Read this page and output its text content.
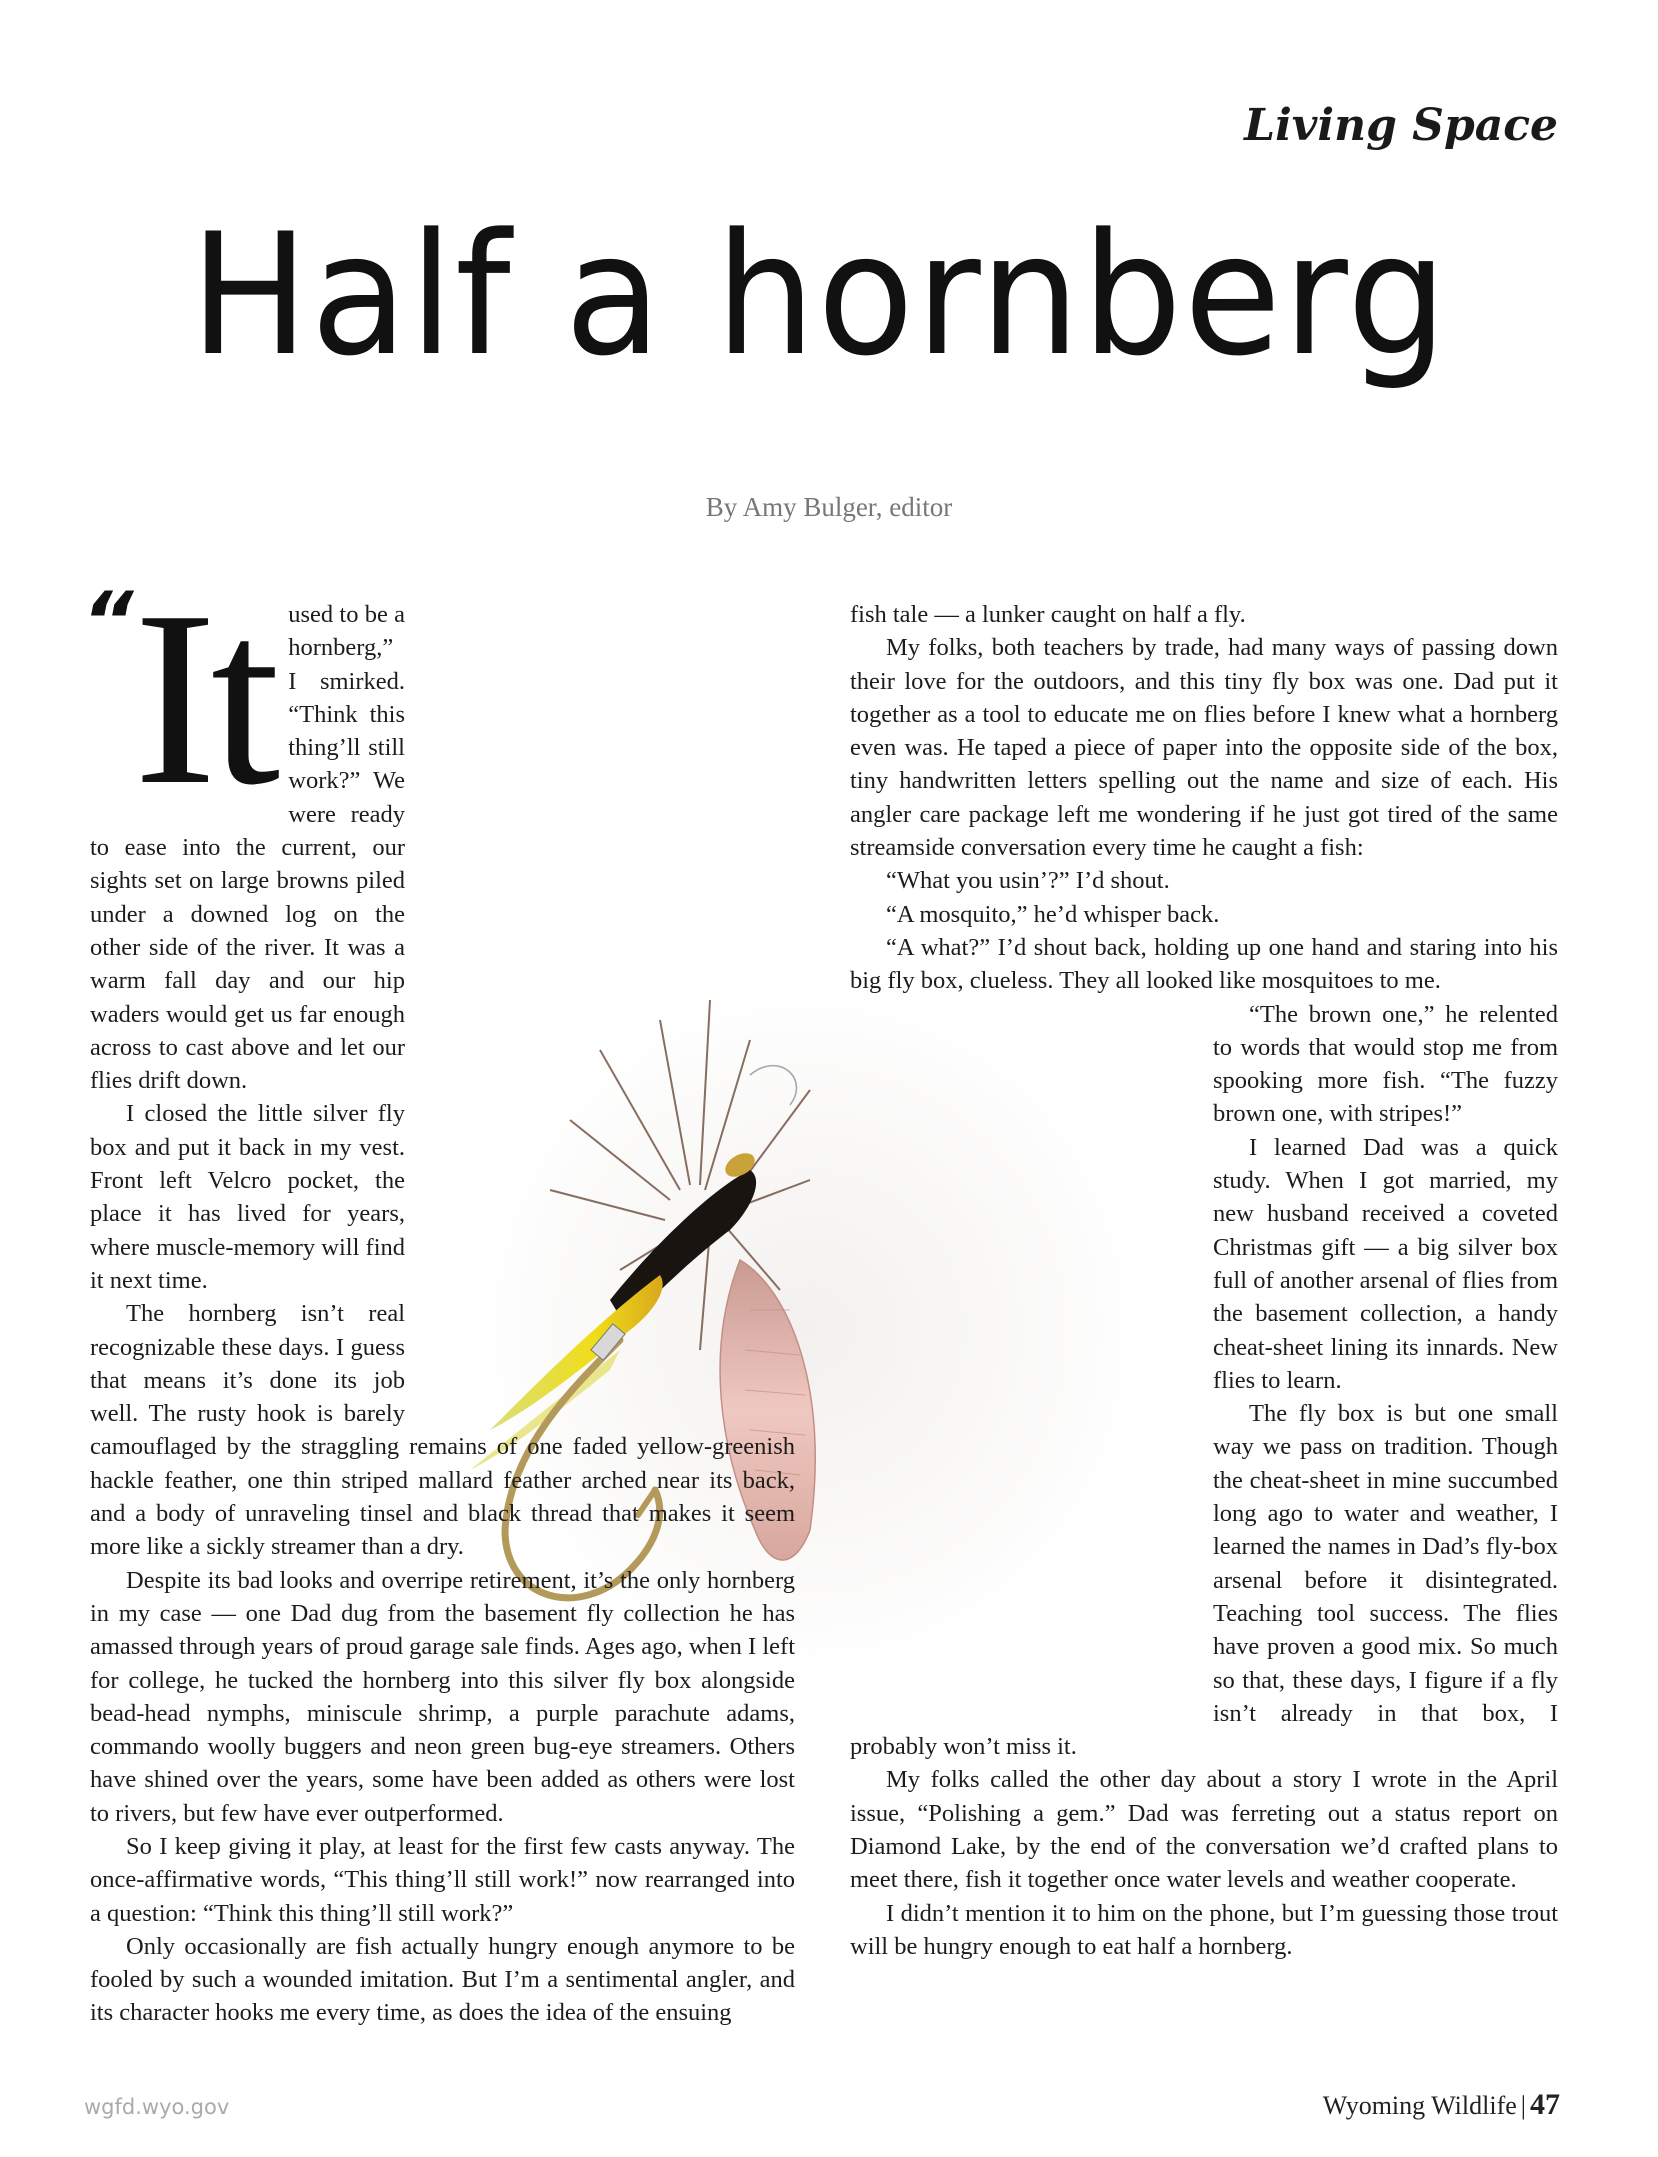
Living Space
Half a hornberg
By Amy Bulger, editor

“ It used to be a hornberg,” I smirked. “Think this thing’ll still work?” We were ready to ease into the current, our sights set on large browns piled under a downed log on the other side of the river. It was a warm fall day and our hip waders would get us far enough across to cast above and let our flies drift down.

I closed the little silver fly box and put it back in my vest. Front left Velcro pocket, the place it has lived for years, where muscle-memory will find it next time.

The hornberg isn’t real recognizable these days. I guess that means it’s done its job well. The rusty hook is barely camouflaged by the straggling remains of one faded yellow-greenish hackle feather, one thin striped mallard feather arched near its back, and a body of unraveling tinsel and black thread that makes it seem more like a sickly streamer than a dry.

Despite its bad looks and overripe retirement, it’s the only hornberg in my case — one Dad dug from the basement fly collection he has amassed through years of proud garage sale finds. Ages ago, when I left for college, he tucked the hornberg into this silver fly box alongside bead-head nymphs, miniscule shrimp, a purple parachute adams, commando woolly buggers and neon green bug-eye streamers. Others have shined over the years, some have been added as others were lost to rivers, but few have ever outperformed.

So I keep giving it play, at least for the first few casts anyway. The once-affirmative words, “This thing’ll still work!” now rearranged into a question: “Think this thing’ll still work?”

Only occasionally are fish actually hungry enough anymore to be fooled by such a wounded imitation. But I’m a sentimental angler, and its character hooks me every time, as does the idea of the ensuing

fish tale — a lunker caught on half a fly.

My folks, both teachers by trade, had many ways of passing down their love for the outdoors, and this tiny fly box was one. Dad put it together as a tool to educate me on flies before I knew what a hornberg even was. He taped a piece of paper into the opposite side of the box, tiny handwritten letters spelling out the name and size of each. His angler care package left me wondering if he just got tired of the same streamside conversation every time he caught a fish:

“What you usin’?” I’d shout.

“A mosquito,” he’d whisper back.

“A what?” I’d shout back, holding up one hand and staring into his big fly box, clueless. They all looked like mosquitoes to me.

“The brown one,” he relented to words that would stop me from spooking more fish. “The fuzzy brown one, with stripes!”

I learned Dad was a quick study. When I got married, my new husband received a coveted Christmas gift — a big silver box full of another arsenal of flies from the basement collection, a handy cheat-sheet lining its innards. New flies to learn.

The fly box is but one small way we pass on tradition. Though the cheat-sheet in mine succumbed long ago to water and weather, I learned the names in Dad’s fly-box arsenal before it disintegrated. Teaching tool success. The flies have proven a good mix. So much so that, these days, I figure if a fly isn’t already in that box, I probably won’t miss it.

My folks called the other day about a story I wrote in the April issue, “Polishing a gem.” Dad was ferreting out a status report on Diamond Lake, by the end of the conversation we’d crafted plans to meet there, fish it together once water levels and weather cooperate.

I didn’t mention it to him on the phone, but I’m guessing those trout will be hungry enough to eat half a hornberg.

wgfd.wyo.gov	Wyoming Wildlife | 47
